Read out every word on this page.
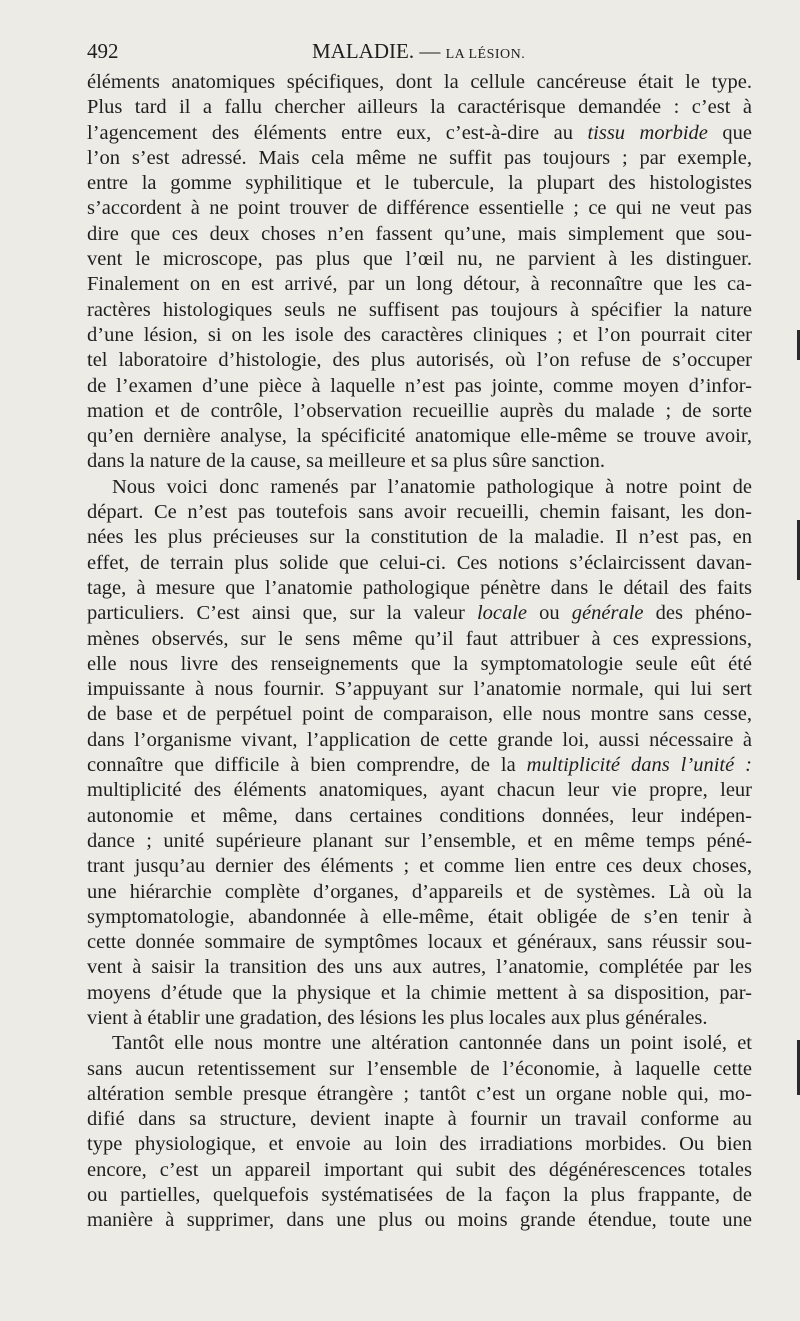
492	MALADIE. — LA LÉSION.
éléments anatomiques spécifiques, dont la cellule cancéreuse était le type.
Plus tard il a fallu chercher ailleurs la caractérisque demandée : c’est à
l’agencement des éléments entre eux, c’est-à-dire au tissu morbide que
l’on s’est adressé. Mais cela même ne suffit pas toujours ; par exemple,
entre la gomme syphilitique et le tubercule, la plupart des histologistes
s’accordent à ne point trouver de différence essentielle ; ce qui ne veut pas
dire que ces deux choses n’en fassent qu’une, mais simplement que sou-
vent le microscope, pas plus que l’œil nu, ne parvient à les distinguer.
Finalement on en est arrivé, par un long détour, à reconnaître que les ca-
ractères histologiques seuls ne suffisent pas toujours à spécifier la nature
d’une lésion, si on les isole des caractères cliniques ; et l’on pourrait citer
tel laboratoire d’histologie, des plus autorisés, où l’on refuse de s’occuper
de l’examen d’une pièce à laquelle n’est pas jointe, comme moyen d’infor-
mation et de contrôle, l’observation recueillie auprès du malade ; de sorte
qu’en dernière analyse, la spécificité anatomique elle-même se trouve avoir,
dans la nature de la cause, sa meilleure et sa plus sûre sanction.
Nous voici donc ramenés par l’anatomie pathologique à notre point de
départ. Ce n’est pas toutefois sans avoir recueilli, chemin faisant, les don-
nées les plus précieuses sur la constitution de la maladie. Il n’est pas, en
effet, de terrain plus solide que celui-ci. Ces notions s’éclaircissent davan-
tage, à mesure que l’anatomie pathologique pénètre dans le détail des faits
particuliers. C’est ainsi que, sur la valeur locale ou générale des phéno-
mènes observés, sur le sens même qu’il faut attribuer à ces expressions,
elle nous livre des renseignements que la symptomatologie seule eût été
impuissante à nous fournir. S’appuyant sur l’anatomie normale, qui lui sert
de base et de perpétuel point de comparaison, elle nous montre sans cesse,
dans l’organisme vivant, l’application de cette grande loi, aussi nécessaire à
connaître que difficile à bien comprendre, de la multiplicité dans l’unité :
multiplicité des éléments anatomiques, ayant chacun leur vie propre, leur
autonomie et même, dans certaines conditions données, leur indépen-
dance ; unité supérieure planant sur l’ensemble, et en même temps péné-
trant jusqu’au dernier des éléments ; et comme lien entre ces deux choses,
une hiérarchie complète d’organes, d’appareils et de systèmes. Là où la
symptomatologie, abandonnée à elle-même, était obligée de s’en tenir à
cette donnée sommaire de symptômes locaux et généraux, sans réussir sou-
vent à saisir la transition des uns aux autres, l’anatomie, complétée par les
moyens d’étude que la physique et la chimie mettent à sa disposition, par-
vient à établir une gradation, des lésions les plus locales aux plus générales.
Tantôt elle nous montre une altération cantonnée dans un point isolé, et
sans aucun retentissement sur l’ensemble de l’économie, à laquelle cette
altération semble presque étrangère ; tantôt c’est un organe noble qui, mo-
difié dans sa structure, devient inapte à fournir un travail conforme au
type physiologique, et envoie au loin des irradiations morbides. Ou bien
encore, c’est un appareil important qui subit des dégénérescences totales
ou partielles, quelquefois systématisées de la façon la plus frappante, de
manière à supprimer, dans une plus ou moins grande étendue, toute une
